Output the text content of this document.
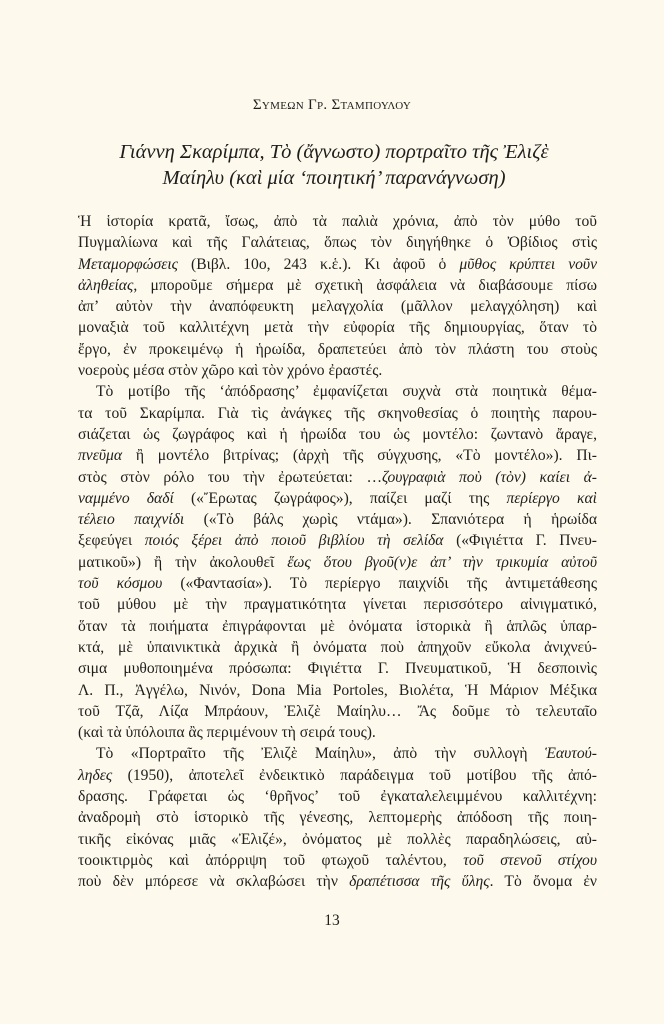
Συμεων Γρ. Σταμπουλου
Γιάννη Σκαρίμπα, Τὸ (ἄγνωστο) πορτραῖτο τῆς Ἐλιζὲ
Μαίηλυ (καὶ μία ‘ποιητική’ παρανάγνωση)
Ἡ ἱστορία κρατᾶ, ἴσως, ἀπὸ τὰ παλιὰ χρόνια, ἀπὸ τὸν μύθο τοῦ
Πυγμαλίωνα καὶ τῆς Γαλάτειας, ὅπως τὸν διηγήθηκε ὁ Ὀβίδιος στὶς
Μεταμορφώσεις (Βιβλ. 10ο, 243 κ.ἑ.). Κι ἀφοῦ ὁ μῦθος κρύπτει νοῦν
ἀληθείας, μποροῦμε σήμερα μὲ σχετικὴ ἀσφάλεια νὰ διαβάσουμε πίσω
ἀπ’ αὐτὸν τὴν ἀναπόφευκτη μελαγχολία (μᾶλλον μελαγχόληση) καὶ
μοναξιὰ τοῦ καλλιτέχνη μετὰ τὴν εὐφορία τῆς δημιουργίας, ὅταν τὸ
ἔργο, ἐν προκειμένῳ ἡ ἡρωίδα, δραπετεύει ἀπὸ τὸν πλάστη του στοὺς
νοεροὺς μέσα στὸν χῶρο καὶ τὸν χρόνο ἐραστές.
Τὸ μοτίβο τῆς ‘ἀπόδρασης’ ἐμφανίζεται συχνὰ στὰ ποιητικὰ θέμα-
τα τοῦ Σκαρίμπα. Γιὰ τὶς ἀνάγκες τῆς σκηνοθεσίας ὁ ποιητὴς παρου-
σιάζεται ὡς ζωγράφος καὶ ἡ ἡρωίδα του ὡς μοντέλο: ζωντανὸ ἄραγε,
πνεῦμα ἢ μοντέλο βιτρίνας; (ἀρχὴ τῆς σύγχυσης, «Τὸ μοντέλο»). Πι-
στὸς στὸν ρόλο του τὴν ἐρωτεύεται: …ζουγραφιὰ ποὺ (τὸν) καίει ἀ-
ναμμένο δαδί («Ἔρωτας ζωγράφος»), παίζει μαζί της περίεργο καὶ
τέλειο παιχνίδι («Τὸ βάλς χωρὶς ντάμα»). Σπανιότερα ἡ ἡρωίδα
ξεφεύγει ποιός ξέρει ἀπὸ ποιοῦ βιβλίου τὴ σελίδα («Φιγιέττα Γ. Πνευ-
ματικοῦ») ἢ τὴν ἀκολουθεῖ ἕως ὅτου βγοῦ(ν)ε ἀπ’ τὴν τρικυμία αὐτοῦ
τοῦ κόσμου («Φαντασία»). Τὸ περίεργο παιχνίδι τῆς ἀντιμετάθεσης
τοῦ μύθου μὲ τὴν πραγματικότητα γίνεται περισσότερο αἰνιγματικό,
ὅταν τὰ ποιήματα ἐπιγράφονται μὲ ὀνόματα ἱστορικὰ ἢ ἁπλῶς ὑπαρ-
κτά, μὲ ὑπαινικτικὰ ἀρχικὰ ἢ ὀνόματα ποὺ ἀπηχοῦν εὔκολα ἀνιχνεύ-
σιμα μυθοποιημένα πρόσωπα: Φιγιέττα Γ. Πνευματικοῦ, Ἡ δεσποινὶς
Λ. Π., Ἀγγέλω, Νινόν, Dona Mia Portoles, Βιολέτα, Ἡ Μάριον Μέξικα
τοῦ Τζᾶ, Λίζα Μπράουν, Ἐλιζὲ Μαίηλυ… Ἄς δοῦμε τὸ τελευταῖο
(καὶ τὰ ὑπόλοιπα ἂς περιμένουν τὴ σειρά τους).
Τὸ «Πορτραῖτο τῆς Ἐλιζὲ Μαίηλυ», ἀπὸ τὴν συλλογὴ Ἑαυτού-
ληδες (1950), ἀποτελεῖ ἐνδεικτικὸ παράδειγμα τοῦ μοτίβου τῆς ἀπό-
δρασης. Γράφεται ὡς ‘θρῆνος’ τοῦ ἐγκαταλελειμμένου καλλιτέχνη:
ἀναδρομὴ στὸ ἱστορικὸ τῆς γένεσης, λεπτομερὴς ἀπόδοση τῆς ποιη-
τικῆς εἰκόνας μιᾶς «Ἐλιζέ», ὀνόματος μὲ πολλὲς παραδηλώσεις, αὐ-
τοοικτιρμὸς καὶ ἀπόρριψη τοῦ φτωχοῦ ταλέντου, τοῦ στενοῦ στίχου
ποὺ δὲν μπόρεσε νὰ σκλαβώσει τὴν δραπέτισσα τῆς ὕλης. Τὸ ὄνομα ἐν
13
